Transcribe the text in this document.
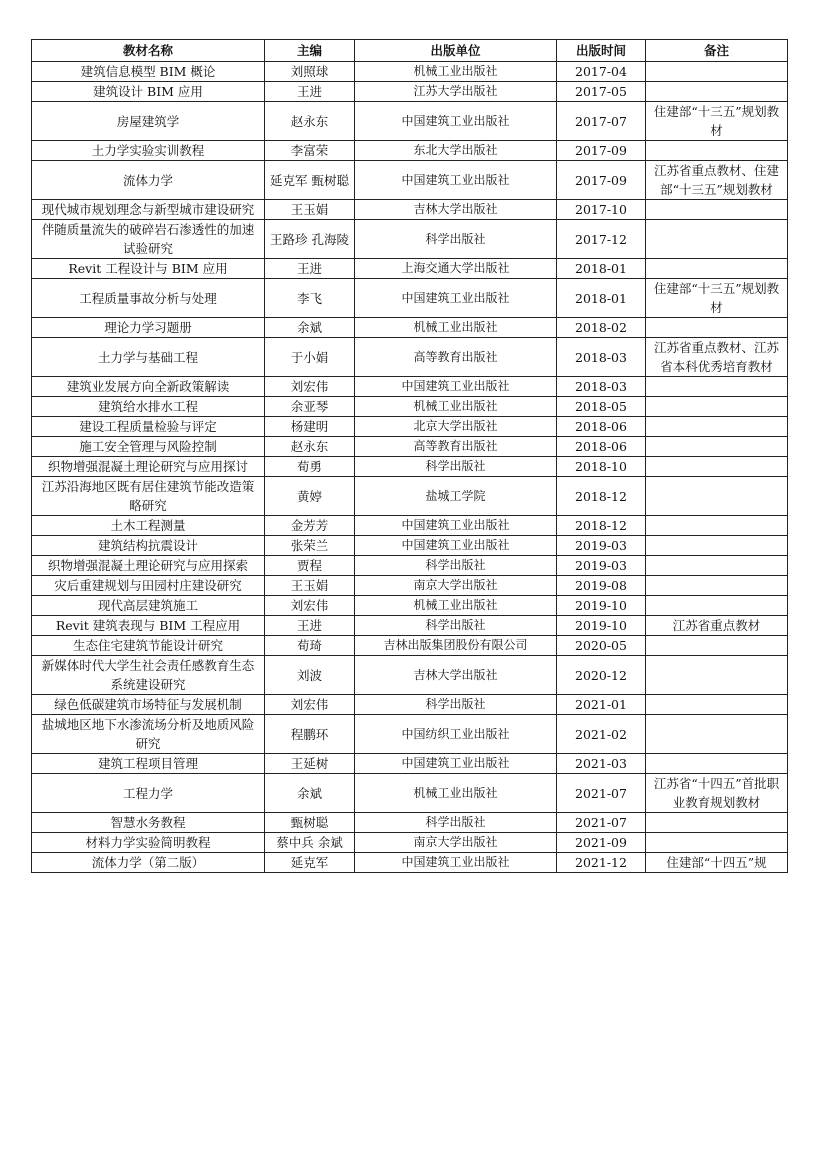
教材名称	主编	出版单位	出版时间	备注
建筑信息模型 BIM 概论	刘照球	机械工业出版社	2017-04	
建筑设计 BIM 应用	王进	江苏大学出版社	2017-05	
房屋建筑学	赵永东	中国建筑工业出版社	2017-07	住建部“十三五”规划教材
土力学实验实训教程	李富荣	东北大学出版社	2017-09	
流体力学	延克军 甄树聪	中国建筑工业出版社	2017-09	江苏省重点教材、住建部“十三五”规划教材
现代城市规划理念与新型城市建设研究	王玉娟	吉林大学出版社	2017-10	
伴随质量流失的破碎岩石渗透性的加速试验研究	王路珍 孔海陵	科学出版社	2017-12	
Revit 工程设计与 BIM 应用	王进	上海交通大学出版社	2018-01	
工程质量事故分析与处理	李飞	中国建筑工业出版社	2018-01	住建部“十三五”规划教材
理论力学习题册	余斌	机械工业出版社	2018-02	
土力学与基础工程	于小娟	高等教育出版社	2018-03	江苏省重点教材、江苏省本科优秀培育教材
建筑业发展方向全新政策解读	刘宏伟	中国建筑工业出版社	2018-03	
建筑给水排水工程	余亚琴	机械工业出版社	2018-05	
建设工程质量检验与评定	杨建明	北京大学出版社	2018-06	
施工安全管理与风险控制	赵永东	高等教育出版社	2018-06	
织物增强混凝土理论研究与应用探讨	荀勇	科学出版社	2018-10	
江苏沿海地区既有居住建筑节能改造策略研究	黄婷	盐城工学院	2018-12	
土木工程测量	金芳芳	中国建筑工业出版社	2018-12	
建筑结构抗震设计	张荣兰	中国建筑工业出版社	2019-03	
织物增强混凝土理论研究与应用探索	贾程	科学出版社	2019-03	
灾后重建规划与田园村庄建设研究	王玉娟	南京大学出版社	2019-08	
现代高层建筑施工	刘宏伟	机械工业出版社	2019-10	
Revit 建筑表现与 BIM 工程应用	王进	科学出版社	2019-10	江苏省重点教材
生态住宅建筑节能设计研究	荀琦	吉林出版集团股份有限公司	2020-05	
新媒体时代大学生社会责任感教育生态系统建设研究	刘波	吉林大学出版社	2020-12	
绿色低碳建筑市场特征与发展机制	刘宏伟	科学出版社	2021-01	
盐城地区地下水渗流场分析及地质风险研究	程鹏环	中国纺织工业出版社	2021-02	
建筑工程项目管理	王延树	中国建筑工业出版社	2021-03	
工程力学	余斌	机械工业出版社	2021-07	江苏省“十四五”首批职业教育规划教材
智慧水务教程	甄树聪	科学出版社	2021-07	
材料力学实验简明教程	蔡中兵 余斌	南京大学出版社	2021-09	
流体力学（第二版）	延克军	中国建筑工业出版社	2021-12	住建部“十四五”规
